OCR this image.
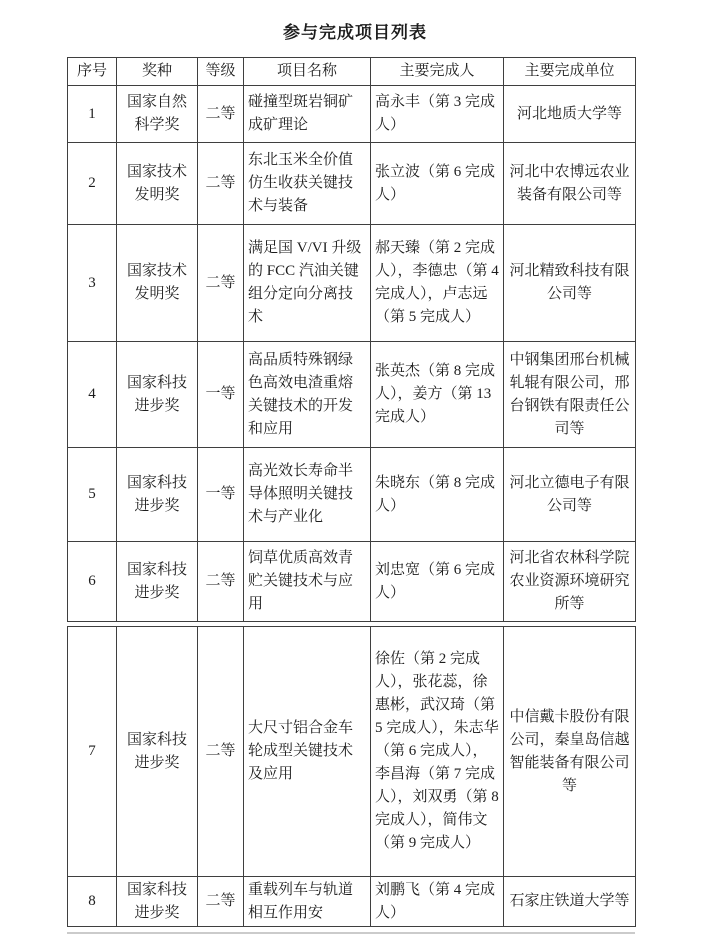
参与完成项目列表
序号	奖种	等级	项目名称	主要完成人	主要完成单位
1	国家自然科学奖	二等	碰撞型斑岩铜矿成矿理论	高永丰（第 3 完成人）	河北地质大学等
2	国家技术发明奖	二等	东北玉米全价值仿生收获关键技术与装备	张立波（第 6 完成人）	河北中农博远农业装备有限公司等
3	国家技术发明奖	二等	满足国 V/VI 升级的 FCC 汽油关键组分定向分离技术	郝天臻（第 2 完成人），李德忠（第 4 完成人），卢志远（第 5 完成人）	河北精致科技有限公司等
4	国家科技进步奖	一等	高品质特殊钢绿色高效电渣重熔关键技术的开发和应用	张英杰（第 8 完成人），姜方（第 13 完成人）	中钢集团邢台机械轧辊有限公司，邢台钢铁有限责任公司等
5	国家科技进步奖	一等	高光效长寿命半导体照明关键技术与产业化	朱晓东（第 8 完成人）	河北立德电子有限公司等
6	国家科技进步奖	二等	饲草优质高效青贮关键技术与应用	刘忠宽（第 6 完成人）	河北省农林科学院农业资源环境研究所等
7	国家科技进步奖	二等	大尺寸铝合金车轮成型关键技术及应用	徐佐（第 2 完成人），张花蕊，徐惠彬，武汉琦（第 5 完成人），朱志华（第 6 完成人），李昌海（第 7 完成人），刘双勇（第 8 完成人），简伟文（第 9 完成人）	中信戴卡股份有限公司，秦皇岛信越智能装备有限公司等
8	国家科技进步奖	二等	重载列车与轨道相互作用安	刘鹏飞（第 4 完成人）	石家庄铁道大学等
